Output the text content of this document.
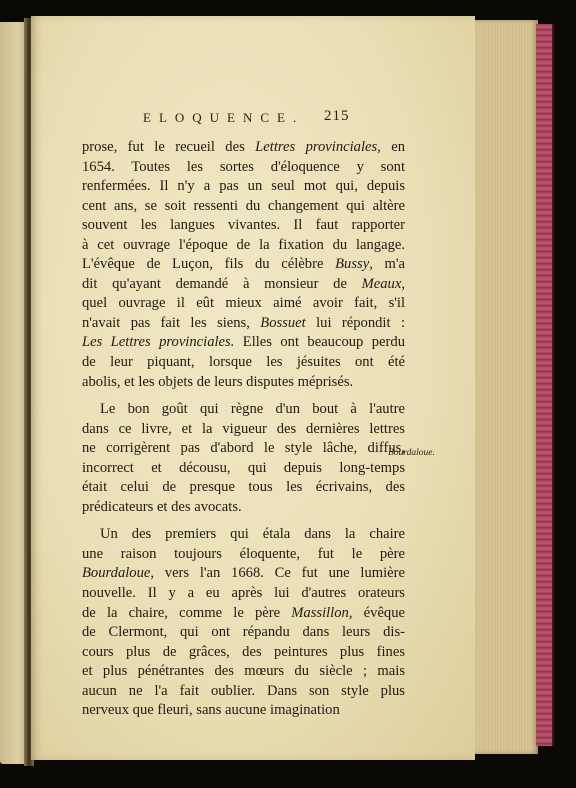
ELOQUENCE. 215

prose, fut le recueil des Lettres provinciales, en
1654. Toutes les sortes d'éloquence y sont
renfermées. Il n'y a pas un seul mot qui, depuis
cent ans, se soit ressenti du changement qui altère
souvent les langues vivantes. Il faut rapporter
à cet ouvrage l'époque de la fixation du langage.
L'évêque de Luçon, fils du célèbre Bussy, m'a
dit qu'ayant demandé à monsieur de Meaux,
quel ouvrage il eût mieux aimé avoir fait, s'il
n'avait pas fait les siens, Bossuet lui répondit :
Les Lettres provinciales. Elles ont beaucoup perdu
de leur piquant, lorsque les jésuites ont été
abolis, et les objets de leurs disputes méprisés.

Le bon goût qui règne d'un bout à l'autre
dans ce livre, et la vigueur des dernières lettres
ne corrigèrent pas d'abord le style lâche, diffus,
incorrect et décousu, qui depuis long-temps
était celui de presque tous les écrivains, des
prédicateurs et des avocats.

Un des premiers qui étala dans la chaire
une raison toujours éloquente, fut le père
Bourdaloue, vers l'an 1668. Ce fut une lumière
nouvelle. Il y a eu après lui d'autres orateurs
de la chaire, comme le père Massillon, évêque
de Clermont, qui ont répandu dans leurs dis-
cours plus de grâces, des peintures plus fines
et plus pénétrantes des mœurs du siècle ; mais
aucun ne l'a fait oublier. Dans son style plus
nerveux que fleuri, sans aucune imagination

Bourdaloue.
